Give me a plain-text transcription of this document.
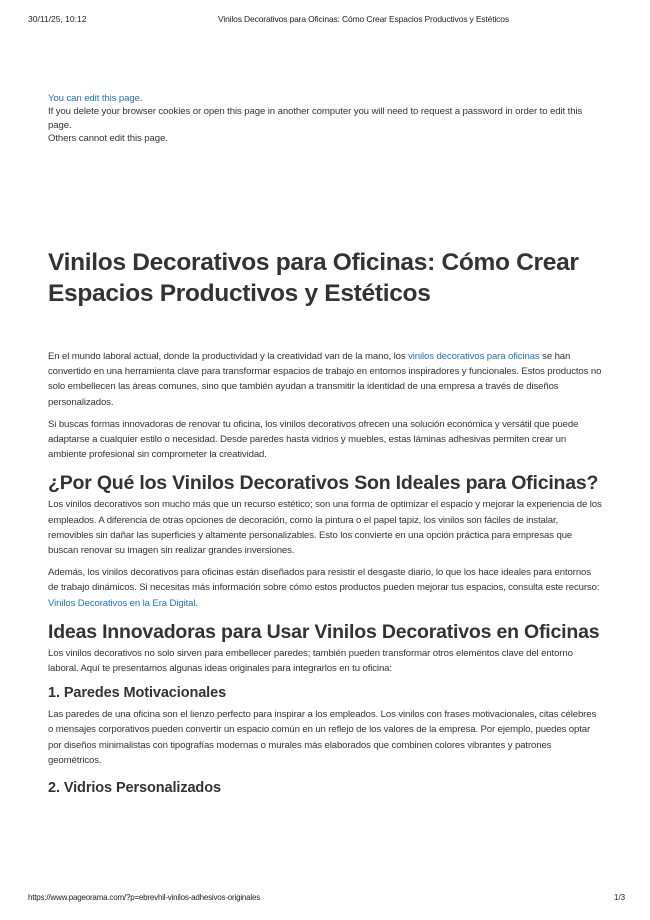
30/11/25, 10:12	Vinilos Decorativos para Oficinas: Cómo Crear Espacios Productivos y Estéticos
You can edit this page.
If you delete your browser cookies or open this page in another computer you will need to request a password in order to edit this page.
Others cannot edit this page.
Vinilos Decorativos para Oficinas: Cómo Crear Espacios Productivos y Estéticos

En el mundo laboral actual, donde la productividad y la creatividad van de la mano, los vinilos decorativos para oficinas se han convertido en una herramienta clave para transformar espacios de trabajo en entornos inspiradores y funcionales. Estos productos no solo embellecen las áreas comunes, sino que también ayudan a transmitir la identidad de una empresa a través de diseños personalizados.

Si buscas formas innovadoras de renovar tu oficina, los vinilos decorativos ofrecen una solución económica y versátil que puede adaptarse a cualquier estilo o necesidad. Desde paredes hasta vidrios y muebles, estas láminas adhesivas permiten crear un ambiente profesional sin comprometer la creatividad.

¿Por Qué los Vinilos Decorativos Son Ideales para Oficinas?

Los vinilos decorativos son mucho más que un recurso estético; son una forma de optimizar el espacio y mejorar la experiencia de los empleados. A diferencia de otras opciones de decoración, como la pintura o el papel tapiz, los vinilos son fáciles de instalar, removibles sin dañar las superficies y altamente personalizables. Esto los convierte en una opción práctica para empresas que buscan renovar su imagen sin realizar grandes inversiones.

Además, los vinilos decorativos para oficinas están diseñados para resistir el desgaste diario, lo que los hace ideales para entornos de trabajo dinámicos. Si necesitas más información sobre cómo estos productos pueden mejorar tus espacios, consulta este recurso: Vinilos Decorativos en la Era Digital.

Ideas Innovadoras para Usar Vinilos Decorativos en Oficinas

Los vinilos decorativos no solo sirven para embellecer paredes; también pueden transformar otros elementos clave del entorno laboral. Aquí te presentamos algunas ideas originales para integrarlos en tu oficina:

1. Paredes Motivacionales

Las paredes de una oficina son el lienzo perfecto para inspirar a los empleados. Los vinilos con frases motivacionales, citas célebres o mensajes corporativos pueden convertir un espacio común en un reflejo de los valores de la empresa. Por ejemplo, puedes optar por diseños minimalistas con tipografías modernas o murales más elaborados que combinen colores vibrantes y patrones geométricos.

2. Vidrios Personalizados
https://www.pageorama.com/?p=ebrevhil-vinilos-adhesivos-originales	1/3
